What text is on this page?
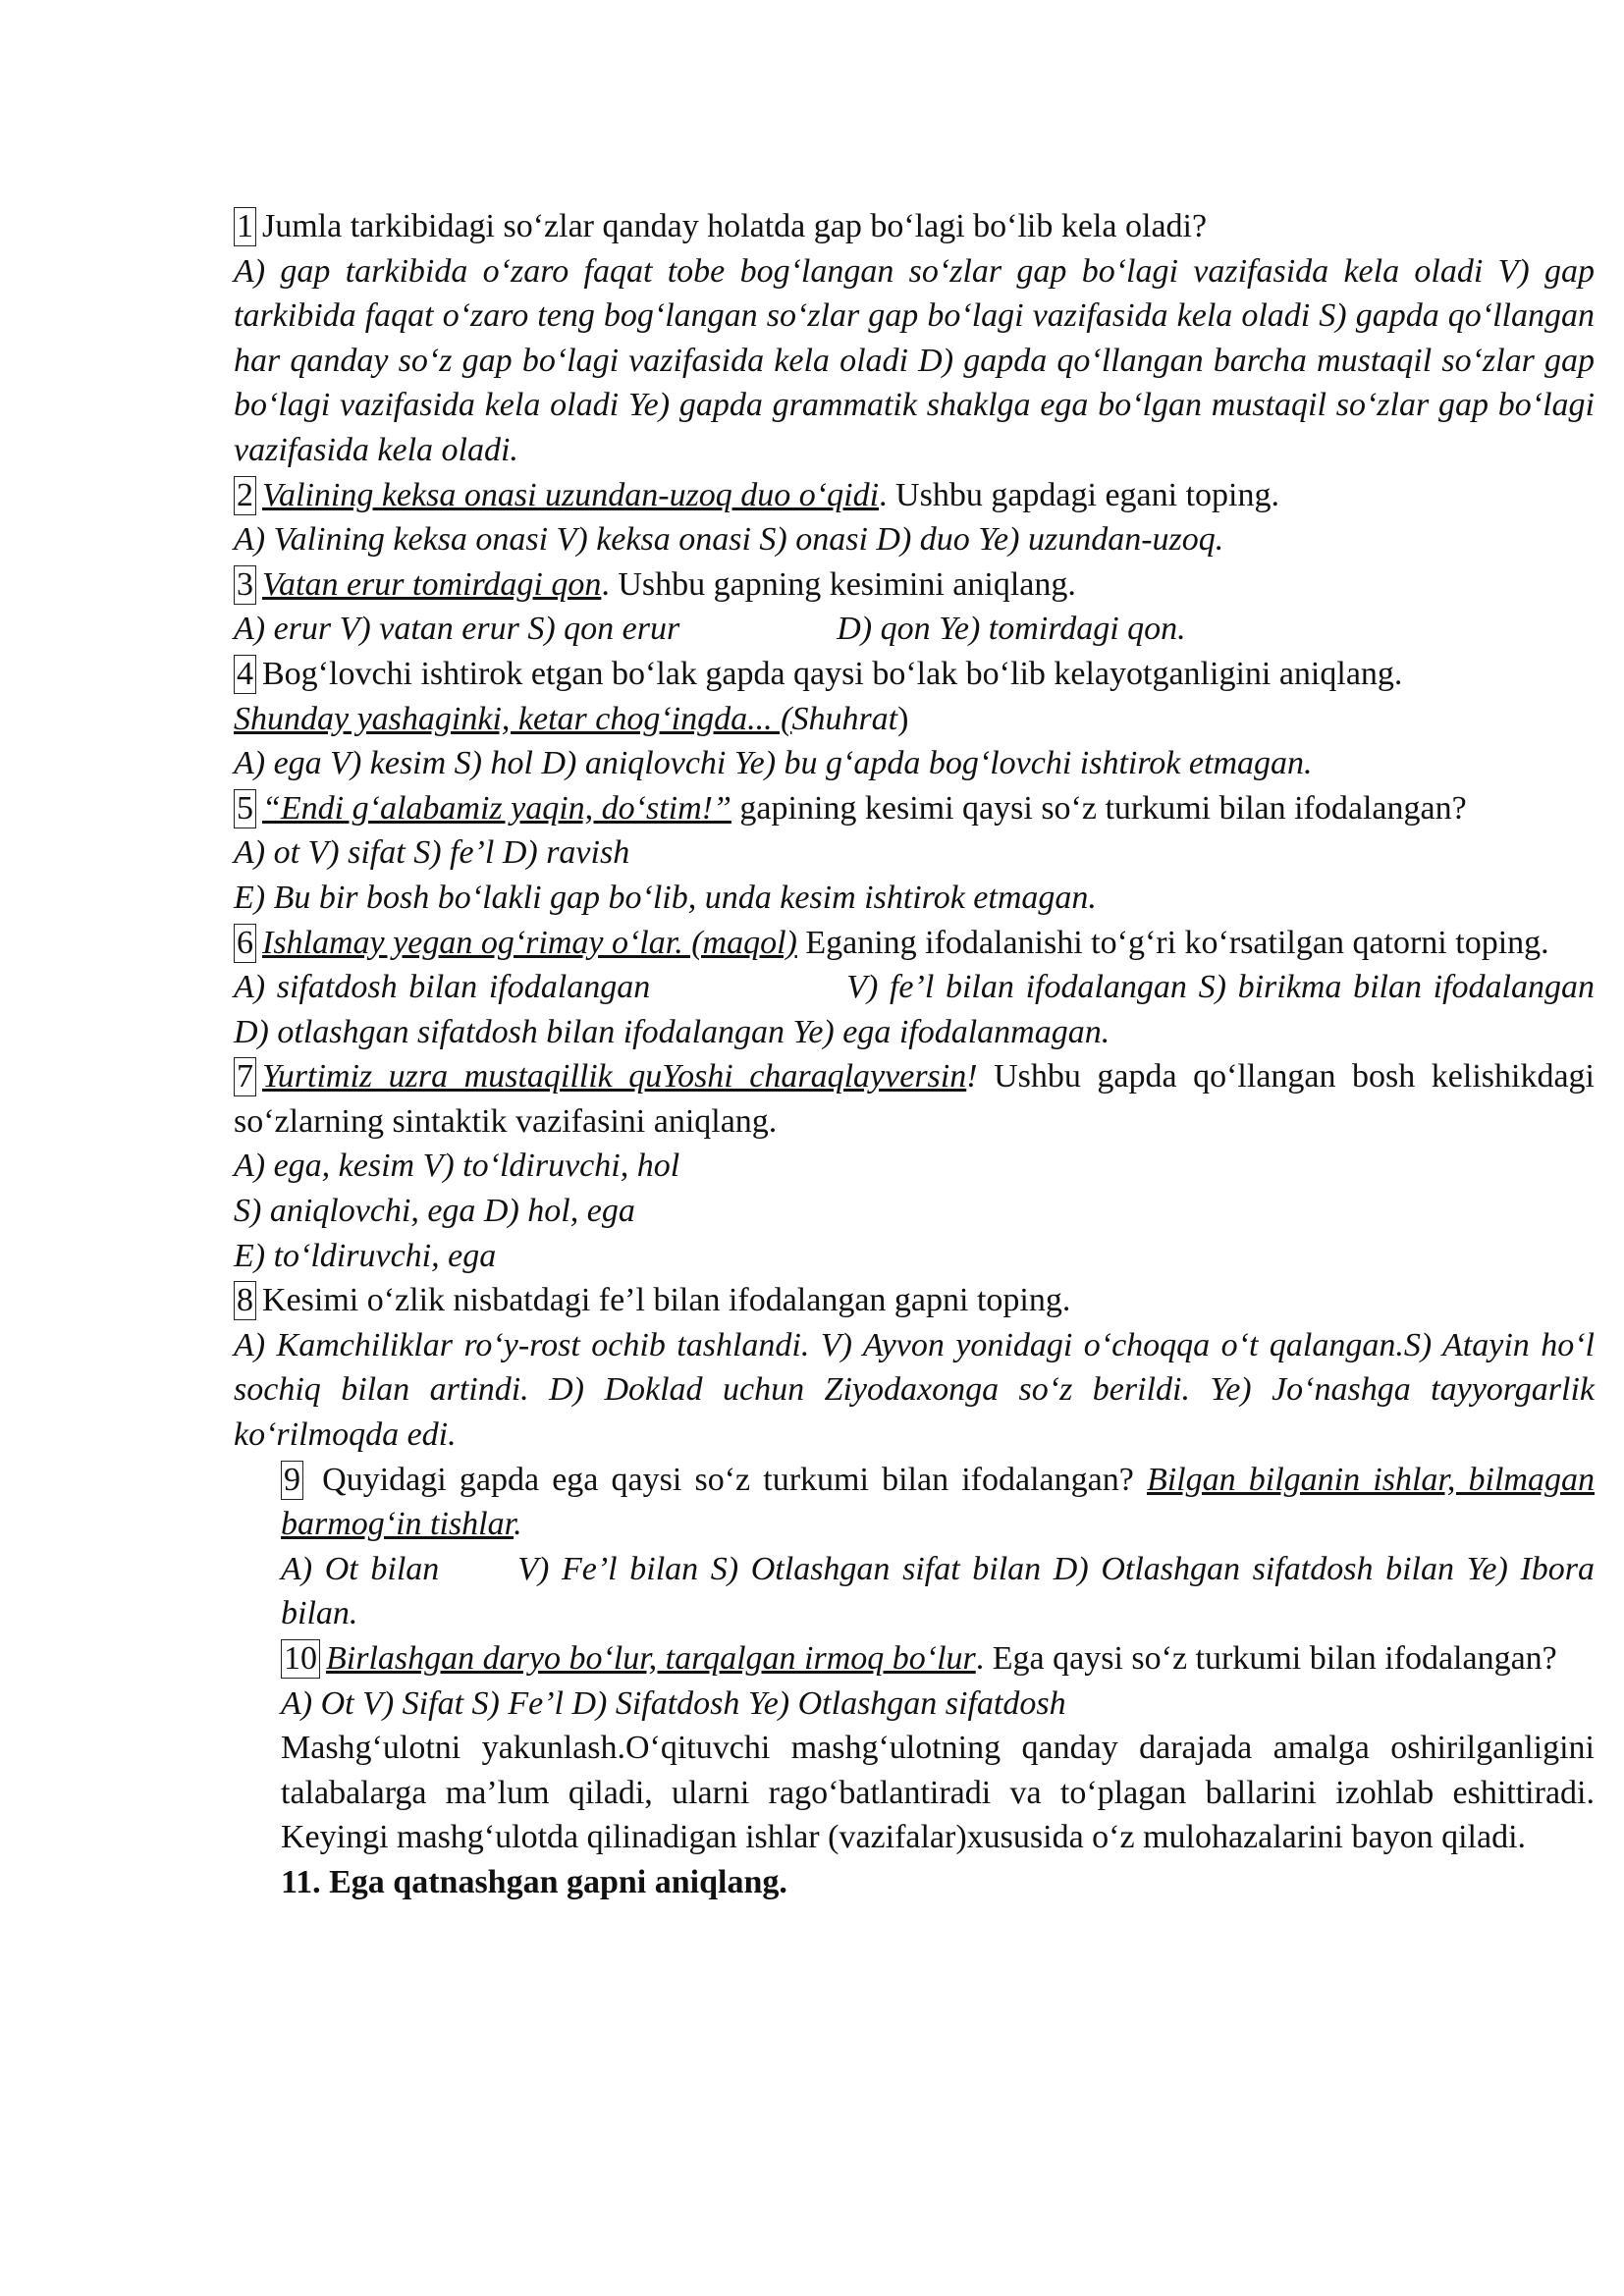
1 Jumla tarkibidagi so‘zlar qanday holatda gap bo‘lagi bo‘lib kela oladi?

A) gap tarkibida o‘zaro faqat tobe bog‘langan so‘zlar gap bo‘lagi vazifasida kela oladi V) gap tarkibida faqat o‘zaro teng bog‘langan so‘zlar gap bo‘lagi vazifasida kela oladi S) gapda qo‘llangan har qanday so‘z gap bo‘lagi vazifasida kela oladi D) gapda qo‘llangan barcha mustaqil so‘zlar gap bo‘lagi vazifasida kela oladi Ye) gapda grammatik shaklga ega bo‘lgan mustaqil so‘zlar gap bo‘lagi vazifasida kela oladi.

2 Valining keksa onasi uzundan-uzoq duo o‘qidi. Ushbu gapdagi egani toping.

A) Valining keksa onasi V) keksa onasi S) onasi D) duo Ye) uzundan-uzoq.

3 Vatan erur tomirdagi qon. Ushbu gapning kesimini aniqlang.

A) erur V) vatan erur S) qon erur	D) qon Ye) tomirdagi qon.

4 Bog‘lovchi ishtirok etgan bo‘lak gapda qaysi bo‘lak bo‘lib kelayotganligini aniqlang.

Shunday yashaginki, ketar chog‘ingda... (Shuhrat)

A) ega V) kesim S) hol D) aniqlovchi Ye) bu g‘apda bog‘lovchi ishtirok etmagan.

5 “Endi g‘alabamiz yaqin, do‘stim!” gapining kesimi qaysi so‘z turkumi bilan ifodalangan?

A) ot V) sifat S) fe’l D) ravish

E) Bu bir bosh bo‘lakli gap bo‘lib, unda kesim ishtirok etmagan.

6 Ishlamay yegan og‘rimay o‘lar. (maqol) Eganing ifodalanishi to‘g‘ri ko‘rsatilgan qatorni toping.

A) sifatdosh bilan ifodalangan	V) fe’l bilan ifodalangan S) birikma bilan ifodalangan D) otlashgan sifatdosh bilan ifodalangan Ye) ega ifodalanmagan.

7 Yurtimiz uzra mustaqillik quYoshi charaqlayversin! Ushbu gapda qo‘llangan bosh kelishikdagi so‘zlarning sintaktik vazifasini aniqlang.

A) ega, kesim V) to‘ldiruvchi, hol

S) aniqlovchi, ega D) hol, ega

E) to‘ldiruvchi, ega

8 Kesimi o‘zlik nisbatdagi fe’l bilan ifodalangan gapni toping.

A) Kamchiliklar ro‘y-rost ochib tashlandi. V) Ayvon yonidagi o‘choqqa o‘t qalangan.S) Atayin ho‘l sochiq bilan artindi. D) Doklad uchun Ziyodaxonga so‘z berildi. Ye) Jo‘nashga tayyorgarlik ko‘rilmoqda edi.

9 Quyidagi gapda ega qaysi so‘z turkumi bilan ifodalangan? Bilgan bilganin ishlar, bilmagan barmog‘in tishlar.

A) Ot bilan V) Fe’l bilan S) Otlashgan sifat bilan D) Otlashgan sifatdosh bilan Ye) Ibora bilan.

10 Birlashgan daryo bo‘lur, tarqalgan irmoq bo‘lur. Ega qaysi so‘z turkumi bilan ifodalangan?

A) Ot V) Sifat S) Fe’l D) Sifatdosh Ye) Otlashgan sifatdosh

Mashg‘ulotni yakunlash.O‘qituvchi mashg‘ulotning qanday darajada amalga oshirilganligini talabalarga ma’lum qiladi, ularni rago‘batlantiradi va to‘plagan ballarini izohlab eshittiradi. Keyingi mashg‘ulotda qilinadigan ishlar (vazifalar)xususida o‘z mulohazalarini bayon qiladi.

11. Ega qatnashgan gapni aniqlang.
